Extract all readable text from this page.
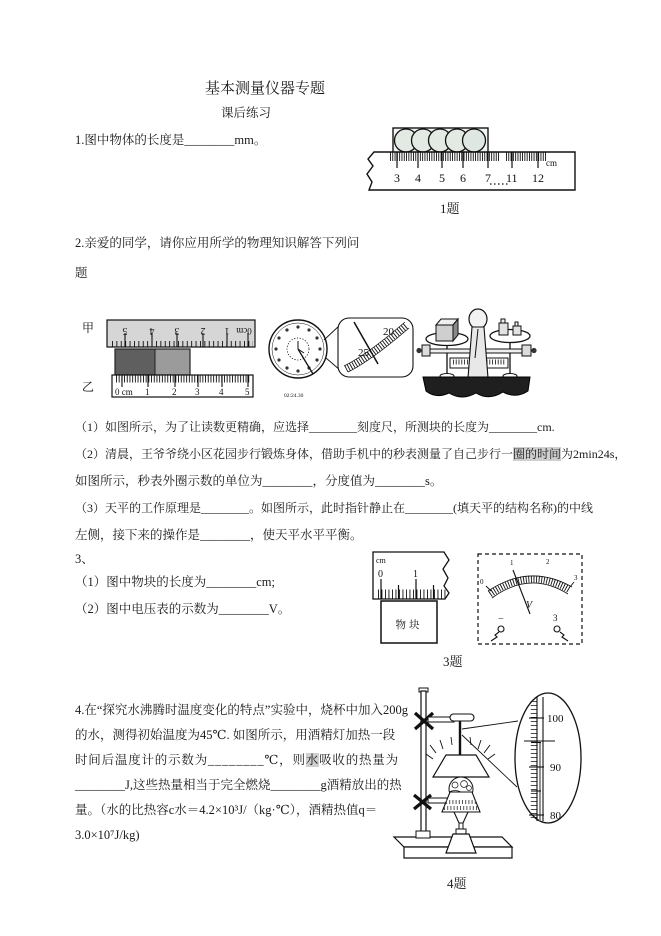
基本测量仪器专题
课后练习
1.图中物体的长度是________mm。
3 4 5 6 7 11 12
cm
1题
2.亲爱的同学，请你应用所学的物理知识解答下列问
题
甲
乙
5 4 3 2 1 0cm
0 cm 1	2 3 4 5
20
25
02:24.30
（1）如图所示，为了让读数更精确，应选择________刻度尺，所测块的长度为________cm.
（2）清晨，王爷爷绕小区花园步行锻炼身体，借助手机中的秒表测量了自己步行一圈的时间为2min24s，
如图所示，秒表外圈示数的单位为________，分度值为________s。
（3）天平的工作原理是________。如图所示，此时指针静止在________(填天平的结构名称)的中线
左侧，接下来的操作是________，使天平水平平衡。
3、
（1）图中物块的长度为________cm;
（2）图中电压表的示数为________V。
cm
0	1
物块
0
1	2
3
V
−	3
3题
4.在“探究水沸腾时温度变化的特点”实验中，烧杯中加入200g
的水，测得初始温度为45℃. 如图所示，用酒精灯加热一段
时间后温度计的示数为________℃，则水吸收的热量为
________J,这些热量相当于完全燃烧________g酒精放出的热
量。（水的比热容c水＝4.2×10³J/（kg·℃），酒精热值q＝
3.0×10⁷J/kg)
100
90
80
4题
